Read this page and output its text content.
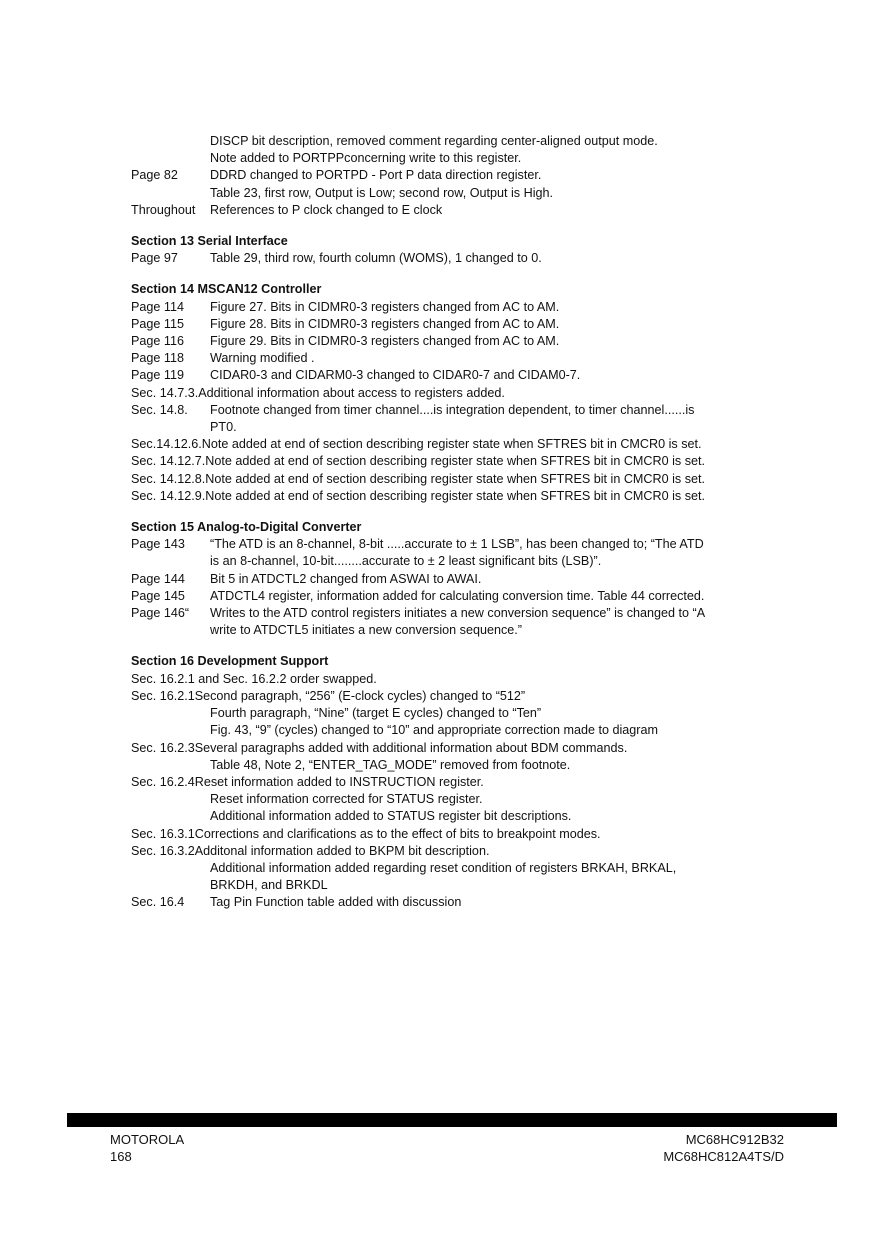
DISCP bit description, removed comment regarding center-aligned output mode.
Note added to PORTPPconcerning write to this register.
Page 82	DDRD changed to PORTPD - Port P data direction register.
Table 23, first row, Output is Low; second row, Output is High.
Throughout	References to P clock changed to E clock
Section 13 Serial Interface
Page 97	Table 29, third row, fourth column (WOMS), 1 changed to 0.
Section 14 MSCAN12 Controller
Page 114	Figure 27. Bits in CIDMR0-3 registers changed from AC to AM.
Page 115	Figure 28. Bits in CIDMR0-3 registers changed from AC to AM.
Page 116	Figure 29. Bits in CIDMR0-3 registers changed from AC to AM.
Page 118	Warning modified .
Page 119	CIDAR0-3 and CIDARM0-3 changed to CIDAR0-7 and CIDAM0-7.
Sec. 14.7.3. Additional information about access to registers added.
Sec. 14.8.	Footnote changed from timer channel....is integration dependent, to timer channel......is
PT0.
Sec.14.12.6. Note added at end of section describing register state when SFTRES bit in CMCR0 is set.
Sec. 14.12.7. Note added at end of section describing register state when SFTRES bit in CMCR0 is set.
Sec. 14.12.8. Note added at end of section describing register state when SFTRES bit in CMCR0 is set.
Sec. 14.12.9. Note added at end of section describing register state when SFTRES bit in CMCR0 is set.
Section 15 Analog-to-Digital Converter
Page 143	“The ATD is an 8-channel, 8-bit .....accurate to ± 1 LSB”, has been changed to; “The ATD
is an 8-channel, 10-bit........accurate to ± 2 least significant bits (LSB)”.
Page 144	Bit 5 in ATDCTL2 changed from ASWAI to AWAI.
Page 145	ATDCTL4 register, information added for calculating conversion time. Table 44 corrected.
Page 146“	Writes to the ATD control registers initiates a new conversion sequence” is changed to “A
write to ATDCTL5 initiates a new conversion sequence.”
Section 16 Development Support
Sec. 16.2.1 and Sec. 16.2.2 order swapped.
Sec. 16.2.1 Second paragraph, “256” (E-clock cycles) changed to “512”
Fourth paragraph, “Nine” (target E cycles) changed to “Ten”
Fig. 43, “9” (cycles) changed to “10” and appropriate correction made to diagram
Sec. 16.2.3 Several paragraphs added with additional information about BDM commands.
Table 48, Note 2, “ENTER_TAG_MODE” removed from footnote.
Sec. 16.2.4 Reset information added to INSTRUCTION register.
Reset information corrected for STATUS register.
Additional information added to STATUS register bit descriptions.
Sec. 16.3.1 Corrections and clarifications as to the effect of bits to breakpoint modes.
Sec. 16.3.2 Additonal information added to BKPM bit description.
Additional information added regarding reset condition of registers BRKAH, BRKAL,
BRKDH, and BRKDL
Sec. 16.4	Tag Pin Function table added with discussion
MOTOROLA
168
MC68HC912B32
MC68HC812A4TS/D
